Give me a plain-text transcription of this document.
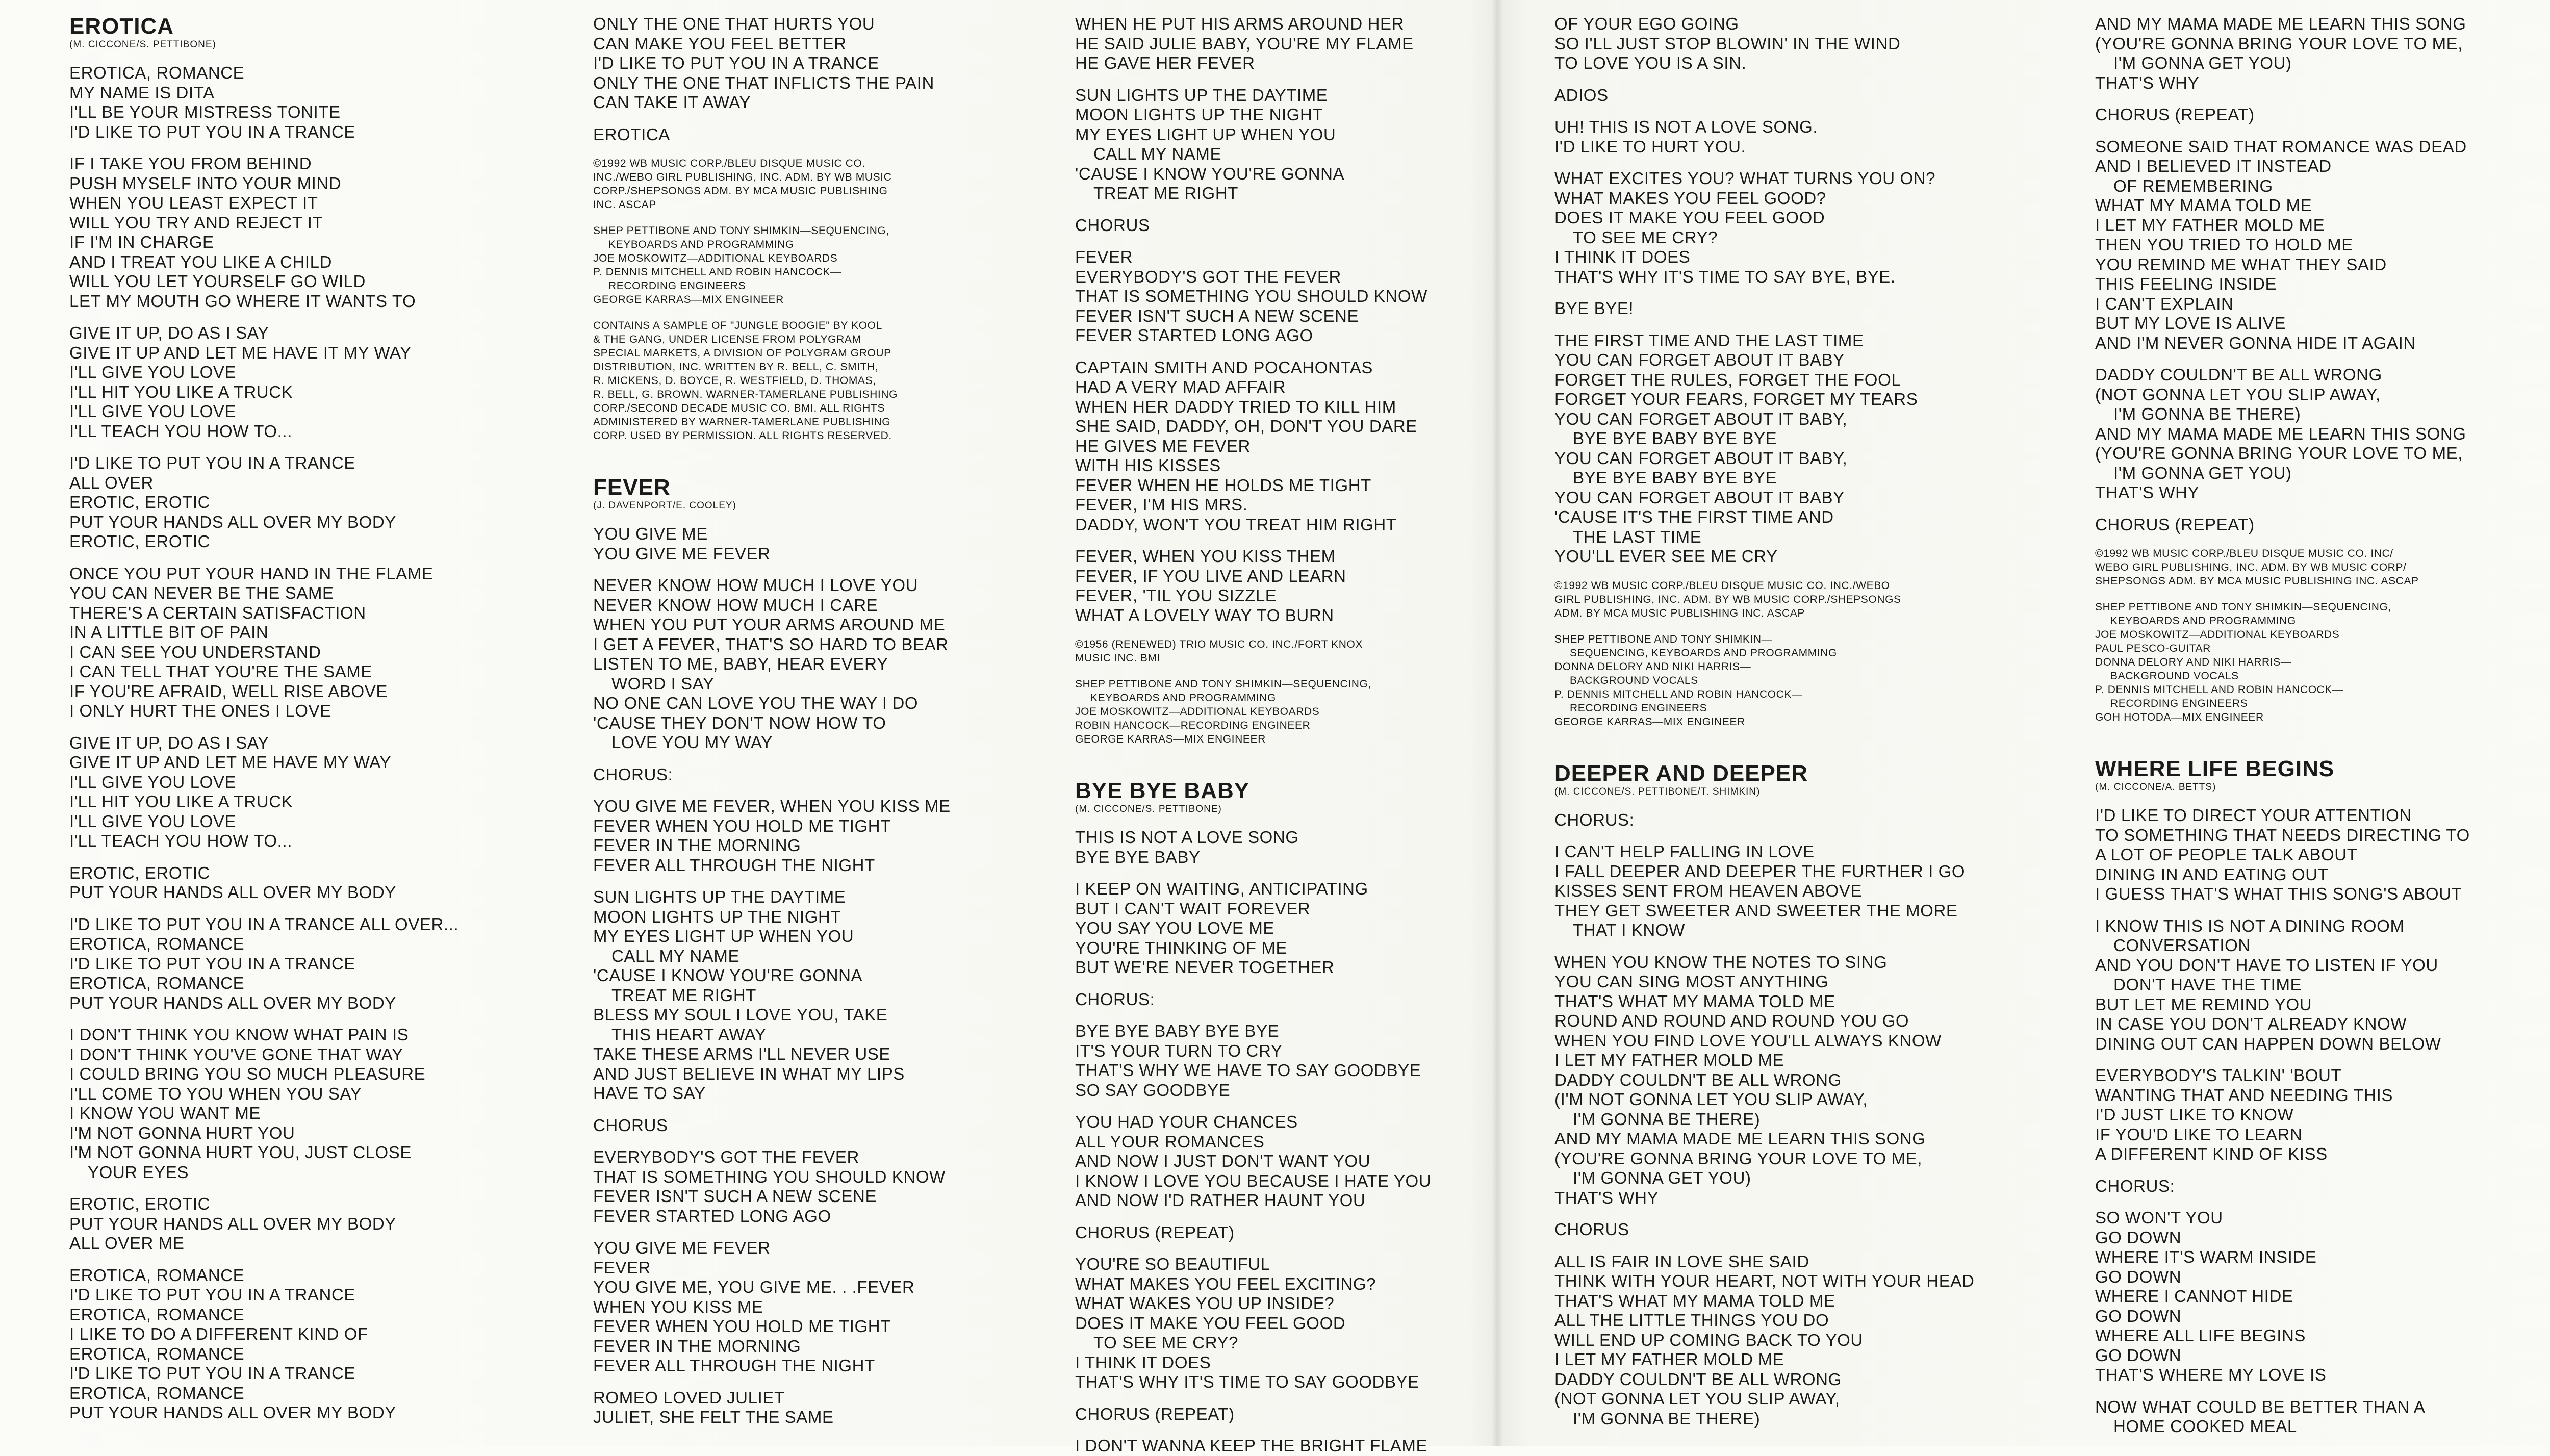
EROTICA
(M. CICCONE/S. PETTIBONE)
EROTICA, ROMANCE
MY NAME IS DITA
I'LL BE YOUR MISTRESS TONITE
I'D LIKE TO PUT YOU IN A TRANCE
IF I TAKE YOU FROM BEHIND
PUSH MYSELF INTO YOUR MIND
WHEN YOU LEAST EXPECT IT
WILL YOU TRY AND REJECT IT
IF I'M IN CHARGE
AND I TREAT YOU LIKE A CHILD
WILL YOU LET YOURSELF GO WILD
LET MY MOUTH GO WHERE IT WANTS TO
GIVE IT UP, DO AS I SAY
GIVE IT UP AND LET ME HAVE IT MY WAY
I'LL GIVE YOU LOVE
I'LL HIT YOU LIKE A TRUCK
I'LL GIVE YOU LOVE
I'LL TEACH YOU HOW TO...
I'D LIKE TO PUT YOU IN A TRANCE
ALL OVER
EROTIC, EROTIC
PUT YOUR HANDS ALL OVER MY BODY
EROTIC, EROTIC
ONCE YOU PUT YOUR HAND IN THE FLAME
YOU CAN NEVER BE THE SAME
THERE'S A CERTAIN SATISFACTION
IN A LITTLE BIT OF PAIN
I CAN SEE YOU UNDERSTAND
I CAN TELL THAT YOU'RE THE SAME
IF YOU'RE AFRAID, WELL RISE ABOVE
I ONLY HURT THE ONES I LOVE
GIVE IT UP, DO AS I SAY
GIVE IT UP AND LET ME HAVE MY WAY
I'LL GIVE YOU LOVE
I'LL HIT YOU LIKE A TRUCK
I'LL GIVE YOU LOVE
I'LL TEACH YOU HOW TO...
EROTIC, EROTIC
PUT YOUR HANDS ALL OVER MY BODY
I'D LIKE TO PUT YOU IN A TRANCE ALL OVER...
EROTICA, ROMANCE
I'D LIKE TO PUT YOU IN A TRANCE
EROTICA, ROMANCE
PUT YOUR HANDS ALL OVER MY BODY
I DON'T THINK YOU KNOW WHAT PAIN IS
I DON'T THINK YOU'VE GONE THAT WAY
I COULD BRING YOU SO MUCH PLEASURE
I'LL COME TO YOU WHEN YOU SAY
I KNOW YOU WANT ME
I'M NOT GONNA HURT YOU
I'M NOT GONNA HURT YOU, JUST CLOSE
YOUR EYES
EROTIC, EROTIC
PUT YOUR HANDS ALL OVER MY BODY
ALL OVER ME
EROTICA, ROMANCE
I'D LIKE TO PUT YOU IN A TRANCE
EROTICA, ROMANCE
I LIKE TO DO A DIFFERENT KIND OF
EROTICA, ROMANCE
I'D LIKE TO PUT YOU IN A TRANCE
EROTICA, ROMANCE
PUT YOUR HANDS ALL OVER MY BODY
ONLY THE ONE THAT HURTS YOU
CAN MAKE YOU FEEL BETTER
I'D LIKE TO PUT YOU IN A TRANCE
ONLY THE ONE THAT INFLICTS THE PAIN
CAN TAKE IT AWAY
EROTICA
©1992 WB MUSIC CORP./BLEU DISQUE MUSIC CO.
INC./WEBO GIRL PUBLISHING, INC. ADM. BY WB MUSIC
CORP./SHEPSONGS ADM. BY MCA MUSIC PUBLISHING
INC. ASCAP
SHEP PETTIBONE AND TONY SHIMKIN—SEQUENCING,
KEYBOARDS AND PROGRAMMING
JOE MOSKOWITZ—ADDITIONAL KEYBOARDS
P. DENNIS MITCHELL AND ROBIN HANCOCK—
RECORDING ENGINEERS
GEORGE KARRAS—MIX ENGINEER
CONTAINS A SAMPLE OF "JUNGLE BOOGIE" BY KOOL
& THE GANG, UNDER LICENSE FROM POLYGRAM
SPECIAL MARKETS, A DIVISION OF POLYGRAM GROUP
DISTRIBUTION, INC. WRITTEN BY R. BELL, C. SMITH,
R. MICKENS, D. BOYCE, R. WESTFIELD, D. THOMAS,
R. BELL, G. BROWN. WARNER-TAMERLANE PUBLISHING
CORP./SECOND DECADE MUSIC CO. BMI. ALL RIGHTS
ADMINISTERED BY WARNER-TAMERLANE PUBLISHING
CORP. USED BY PERMISSION. ALL RIGHTS RESERVED.
FEVER
(J. DAVENPORT/E. COOLEY)
YOU GIVE ME
YOU GIVE ME FEVER
NEVER KNOW HOW MUCH I LOVE YOU
NEVER KNOW HOW MUCH I CARE
WHEN YOU PUT YOUR ARMS AROUND ME
I GET A FEVER, THAT'S SO HARD TO BEAR
LISTEN TO ME, BABY, HEAR EVERY
WORD I SAY
NO ONE CAN LOVE YOU THE WAY I DO
'CAUSE THEY DON'T NOW HOW TO
LOVE YOU MY WAY
CHORUS:
YOU GIVE ME FEVER, WHEN YOU KISS ME
FEVER WHEN YOU HOLD ME TIGHT
FEVER IN THE MORNING
FEVER ALL THROUGH THE NIGHT
SUN LIGHTS UP THE DAYTIME
MOON LIGHTS UP THE NIGHT
MY EYES LIGHT UP WHEN YOU
CALL MY NAME
'CAUSE I KNOW YOU'RE GONNA
TREAT ME RIGHT
BLESS MY SOUL I LOVE YOU, TAKE
THIS HEART AWAY
TAKE THESE ARMS I'LL NEVER USE
AND JUST BELIEVE IN WHAT MY LIPS
HAVE TO SAY
CHORUS
EVERYBODY'S GOT THE FEVER
THAT IS SOMETHING YOU SHOULD KNOW
FEVER ISN'T SUCH A NEW SCENE
FEVER STARTED LONG AGO
YOU GIVE ME FEVER
FEVER
YOU GIVE ME, YOU GIVE ME. . .FEVER
WHEN YOU KISS ME
FEVER WHEN YOU HOLD ME TIGHT
FEVER IN THE MORNING
FEVER ALL THROUGH THE NIGHT
ROMEO LOVED JULIET
JULIET, SHE FELT THE SAME
WHEN HE PUT HIS ARMS AROUND HER
HE SAID JULIE BABY, YOU'RE MY FLAME
HE GAVE HER FEVER
SUN LIGHTS UP THE DAYTIME
MOON LIGHTS UP THE NIGHT
MY EYES LIGHT UP WHEN YOU
CALL MY NAME
'CAUSE I KNOW YOU'RE GONNA
TREAT ME RIGHT
CHORUS
FEVER
EVERYBODY'S GOT THE FEVER
THAT IS SOMETHING YOU SHOULD KNOW
FEVER ISN'T SUCH A NEW SCENE
FEVER STARTED LONG AGO
CAPTAIN SMITH AND POCAHONTAS
HAD A VERY MAD AFFAIR
WHEN HER DADDY TRIED TO KILL HIM
SHE SAID, DADDY, OH, DON'T YOU DARE
HE GIVES ME FEVER
WITH HIS KISSES
FEVER WHEN HE HOLDS ME TIGHT
FEVER, I'M HIS MRS.
DADDY, WON'T YOU TREAT HIM RIGHT
FEVER, WHEN YOU KISS THEM
FEVER, IF YOU LIVE AND LEARN
FEVER, 'TIL YOU SIZZLE
WHAT A LOVELY WAY TO BURN
©1956 (RENEWED) TRIO MUSIC CO. INC./FORT KNOX
MUSIC INC. BMI
SHEP PETTIBONE AND TONY SHIMKIN—SEQUENCING,
KEYBOARDS AND PROGRAMMING
JOE MOSKOWITZ—ADDITIONAL KEYBOARDS
ROBIN HANCOCK—RECORDING ENGINEER
GEORGE KARRAS—MIX ENGINEER
BYE BYE BABY
(M. CICCONE/S. PETTIBONE)
THIS IS NOT A LOVE SONG
BYE BYE BABY
I KEEP ON WAITING, ANTICIPATING
BUT I CAN'T WAIT FOREVER
YOU SAY YOU LOVE ME
YOU'RE THINKING OF ME
BUT WE'RE NEVER TOGETHER
CHORUS:
BYE BYE BABY BYE BYE
IT'S YOUR TURN TO CRY
THAT'S WHY WE HAVE TO SAY GOODBYE
SO SAY GOODBYE
YOU HAD YOUR CHANCES
ALL YOUR ROMANCES
AND NOW I JUST DON'T WANT YOU
I KNOW I LOVE YOU BECAUSE I HATE YOU
AND NOW I'D RATHER HAUNT YOU
CHORUS (REPEAT)
YOU'RE SO BEAUTIFUL
WHAT MAKES YOU FEEL EXCITING?
WHAT WAKES YOU UP INSIDE?
DOES IT MAKE YOU FEEL GOOD
TO SEE ME CRY?
I THINK IT DOES
THAT'S WHY IT'S TIME TO SAY GOODBYE
CHORUS (REPEAT)
I DON'T WANNA KEEP THE BRIGHT FLAME
OF YOUR EGO GOING
SO I'LL JUST STOP BLOWIN' IN THE WIND
TO LOVE YOU IS A SIN.
ADIOS
UH! THIS IS NOT A LOVE SONG.
I'D LIKE TO HURT YOU.
WHAT EXCITES YOU? WHAT TURNS YOU ON?
WHAT MAKES YOU FEEL GOOD?
DOES IT MAKE YOU FEEL GOOD
TO SEE ME CRY?
I THINK IT DOES
THAT'S WHY IT'S TIME TO SAY BYE, BYE.
BYE BYE!
THE FIRST TIME AND THE LAST TIME
YOU CAN FORGET ABOUT IT BABY
FORGET THE RULES, FORGET THE FOOL
FORGET YOUR FEARS, FORGET MY TEARS
YOU CAN FORGET ABOUT IT BABY,
BYE BYE BABY BYE BYE
YOU CAN FORGET ABOUT IT BABY,
BYE BYE BABY BYE BYE
YOU CAN FORGET ABOUT IT BABY
'CAUSE IT'S THE FIRST TIME AND
THE LAST TIME
YOU'LL EVER SEE ME CRY
©1992 WB MUSIC CORP./BLEU DISQUE MUSIC CO. INC./WEBO
GIRL PUBLISHING, INC. ADM. BY WB MUSIC CORP./SHEPSONGS
ADM. BY MCA MUSIC PUBLISHING INC. ASCAP
SHEP PETTIBONE AND TONY SHIMKIN—
SEQUENCING, KEYBOARDS AND PROGRAMMING
DONNA DELORY AND NIKI HARRIS—
BACKGROUND VOCALS
P. DENNIS MITCHELL AND ROBIN HANCOCK—
RECORDING ENGINEERS
GEORGE KARRAS—MIX ENGINEER
DEEPER AND DEEPER
(M. CICCONE/S. PETTIBONE/T. SHIMKIN)
CHORUS:
I CAN'T HELP FALLING IN LOVE
I FALL DEEPER AND DEEPER THE FURTHER I GO
KISSES SENT FROM HEAVEN ABOVE
THEY GET SWEETER AND SWEETER THE MORE
THAT I KNOW
WHEN YOU KNOW THE NOTES TO SING
YOU CAN SING MOST ANYTHING
THAT'S WHAT MY MAMA TOLD ME
ROUND AND ROUND AND ROUND YOU GO
WHEN YOU FIND LOVE YOU'LL ALWAYS KNOW
I LET MY FATHER MOLD ME
DADDY COULDN'T BE ALL WRONG
(I'M NOT GONNA LET YOU SLIP AWAY,
I'M GONNA BE THERE)
AND MY MAMA MADE ME LEARN THIS SONG
(YOU'RE GONNA BRING YOUR LOVE TO ME,
I'M GONNA GET YOU)
THAT'S WHY
CHORUS
ALL IS FAIR IN LOVE SHE SAID
THINK WITH YOUR HEART, NOT WITH YOUR HEAD
THAT'S WHAT MY MAMA TOLD ME
ALL THE LITTLE THINGS YOU DO
WILL END UP COMING BACK TO YOU
I LET MY FATHER MOLD ME
DADDY COULDN'T BE ALL WRONG
(NOT GONNA LET YOU SLIP AWAY,
I'M GONNA BE THERE)
AND MY MAMA MADE ME LEARN THIS SONG
(YOU'RE GONNA BRING YOUR LOVE TO ME,
I'M GONNA GET YOU)
THAT'S WHY
CHORUS (REPEAT)
SOMEONE SAID THAT ROMANCE WAS DEAD
AND I BELIEVED IT INSTEAD
OF REMEMBERING
WHAT MY MAMA TOLD ME
I LET MY FATHER MOLD ME
THEN YOU TRIED TO HOLD ME
YOU REMIND ME WHAT THEY SAID
THIS FEELING INSIDE
I CAN'T EXPLAIN
BUT MY LOVE IS ALIVE
AND I'M NEVER GONNA HIDE IT AGAIN
DADDY COULDN'T BE ALL WRONG
(NOT GONNA LET YOU SLIP AWAY,
I'M GONNA BE THERE)
AND MY MAMA MADE ME LEARN THIS SONG
(YOU'RE GONNA BRING YOUR LOVE TO ME,
I'M GONNA GET YOU)
THAT'S WHY
CHORUS (REPEAT)
©1992 WB MUSIC CORP./BLEU DISQUE MUSIC CO. INC/
WEBO GIRL PUBLISHING, INC. ADM. BY WB MUSIC CORP/
SHEPSONGS ADM. BY MCA MUSIC PUBLISHING INC. ASCAP
SHEP PETTIBONE AND TONY SHIMKIN—SEQUENCING,
KEYBOARDS AND PROGRAMMING
JOE MOSKOWITZ—ADDITIONAL KEYBOARDS
PAUL PESCO-GUITAR
DONNA DELORY AND NIKI HARRIS—
BACKGROUND VOCALS
P. DENNIS MITCHELL AND ROBIN HANCOCK—
RECORDING ENGINEERS
GOH HOTODA—MIX ENGINEER
WHERE LIFE BEGINS
(M. CICCONE/A. BETTS)
I'D LIKE TO DIRECT YOUR ATTENTION
TO SOMETHING THAT NEEDS DIRECTING TO
A LOT OF PEOPLE TALK ABOUT
DINING IN AND EATING OUT
I GUESS THAT'S WHAT THIS SONG'S ABOUT
I KNOW THIS IS NOT A DINING ROOM
CONVERSATION
AND YOU DON'T HAVE TO LISTEN IF YOU
DON'T HAVE THE TIME
BUT LET ME REMIND YOU
IN CASE YOU DON'T ALREADY KNOW
DINING OUT CAN HAPPEN DOWN BELOW
EVERYBODY'S TALKIN' 'BOUT
WANTING THAT AND NEEDING THIS
I'D JUST LIKE TO KNOW
IF YOU'D LIKE TO LEARN
A DIFFERENT KIND OF KISS
CHORUS:
SO WON'T YOU
GO DOWN
WHERE IT'S WARM INSIDE
GO DOWN
WHERE I CANNOT HIDE
GO DOWN
WHERE ALL LIFE BEGINS
GO DOWN
THAT'S WHERE MY LOVE IS
NOW WHAT COULD BE BETTER THAN A
HOME COOKED MEAL
